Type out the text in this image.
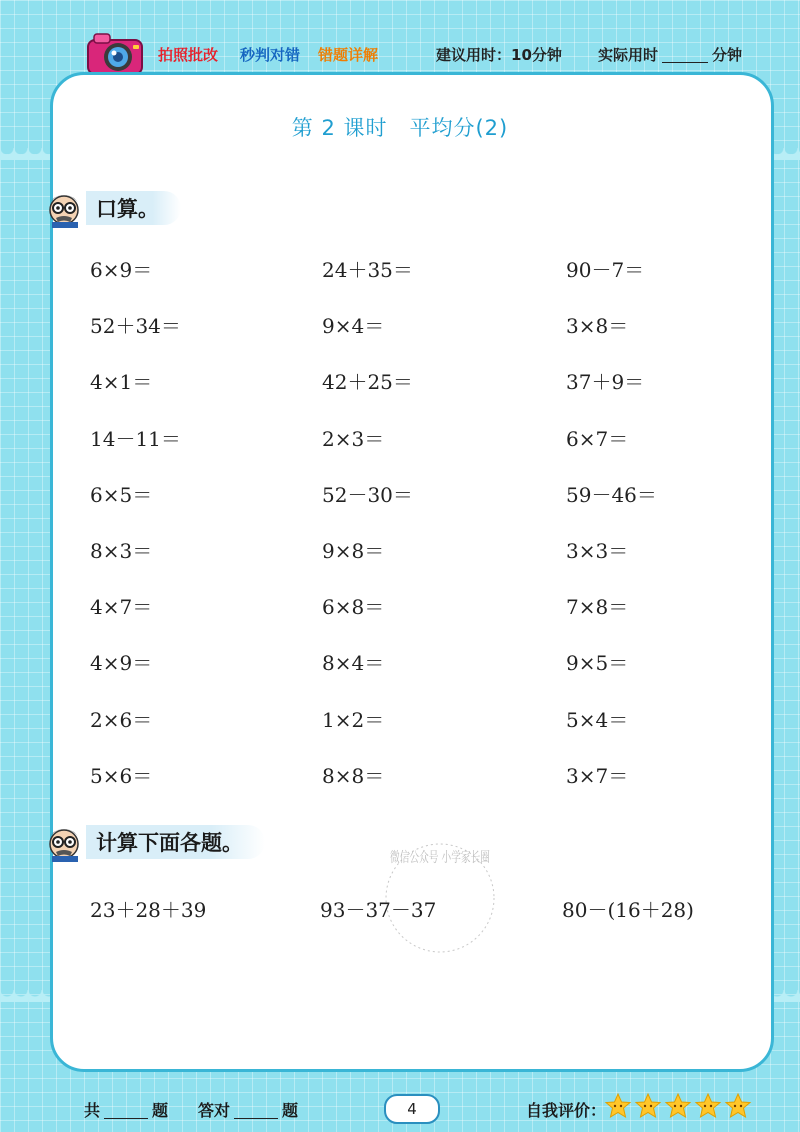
拍照批改 秒判对错 错题详解	建议用时：10分钟 实际用时	分钟
第 2 课时　平均分(2)
口算。
6×9＝	24＋35＝	90－7＝
52＋34＝	9×4＝	3×8＝
4×1＝	42＋25＝	37＋9＝
14－11＝	2×3＝	6×7＝
6×5＝	52－30＝	59－46＝
8×3＝	9×8＝	3×3＝
4×7＝	6×8＝	7×8＝
4×9＝	8×4＝	9×5＝
2×6＝	1×2＝	5×4＝
5×6＝	8×8＝	3×7＝
计算下面各题。
23＋28＋39	93－37－37	80－(16＋28)
微信公众号 小学家长圈
共	题 答对	题	4	自我评价：
